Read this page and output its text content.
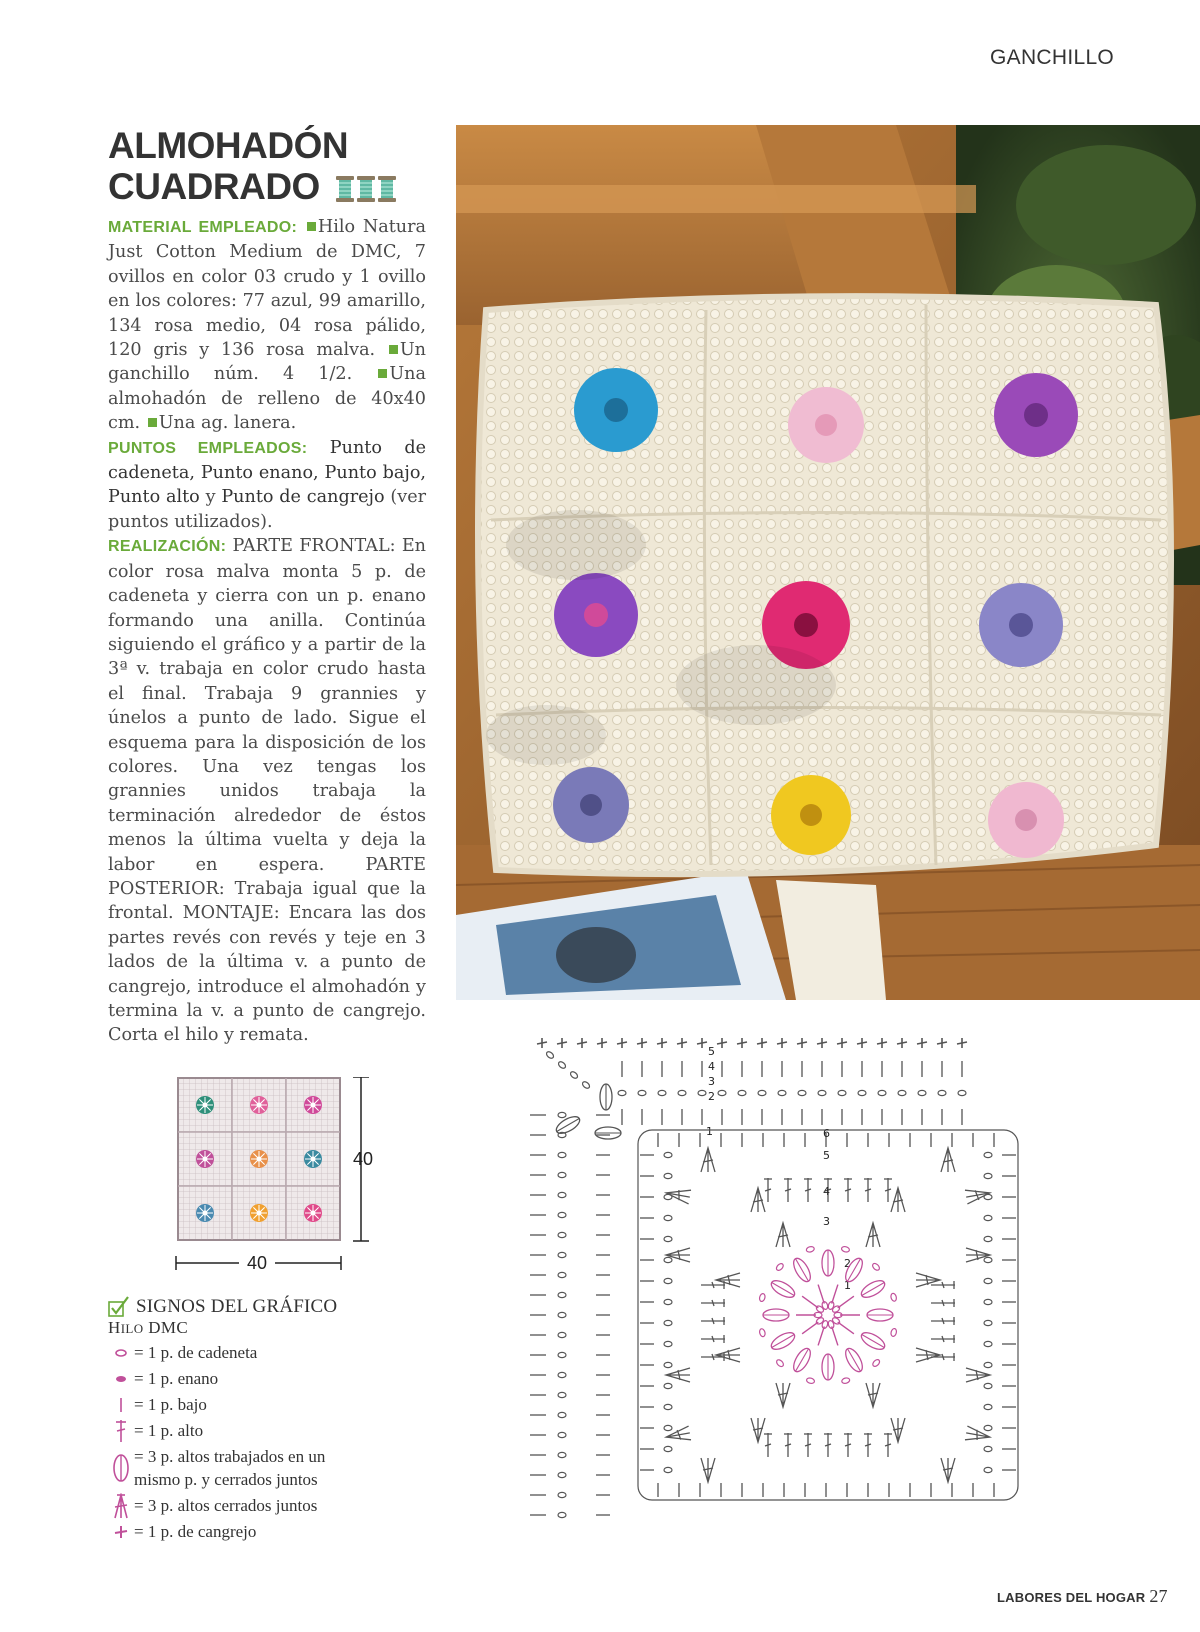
GANCHILLO
ALMOHADÓN
CUADRADO
MATERIAL EMPLEADO: Hilo Natura Just Cotton Medium de DMC, 7 ovillos en color 03 crudo y 1 ovillo en los colores: 77 azul, 99 amarillo, 134 rosa medio, 04 rosa pálido, 120 gris y 136 rosa malva. Un ganchillo núm. 4 1/2. Una almohadón de relleno de 40x40 cm. Una ag. lanera.
PUNTOS EMPLEADOS: Punto de cadeneta, Punto enano, Punto bajo, Punto alto y Punto de cangrejo (ver puntos utilizados).
REALIZACIÓN: PARTE FRONTAL: En color rosa malva monta 5 p. de cadeneta y cierra con un p. enano formando una anilla. Continúa siguiendo el gráfico y a partir de la 3ª v. trabaja en color crudo hasta el final. Trabaja 9 grannies y únelos a punto de lado. Sigue el esquema para la disposición de los colores. Una vez tengas los grannies unidos trabaja la terminación alrededor de éstos menos la última vuelta y deja la labor en espera. PARTE POSTERIOR: Trabaja igual que la frontal. MONTAJE: Encara las dos partes revés con revés y teje en 3 lados de la última v. a punto de cangrejo, introduce el almohadón y termina la v. a punto de cangrejo. Corta el hilo y remata.
40
40
SIGNOS DEL GRÁFICO
HILO DMC
= 1 p. de cadeneta
= 1 p. enano
= 1 p. bajo
= 1 p. alto
= 3 p. altos trabajados en un mismo p. y cerrados juntos
= 3 p. altos cerrados juntos
= 1 p. de cangrejo
5
4
3
2
1	6
5
4
3
2
1
LABORES DEL HOGAR 27
